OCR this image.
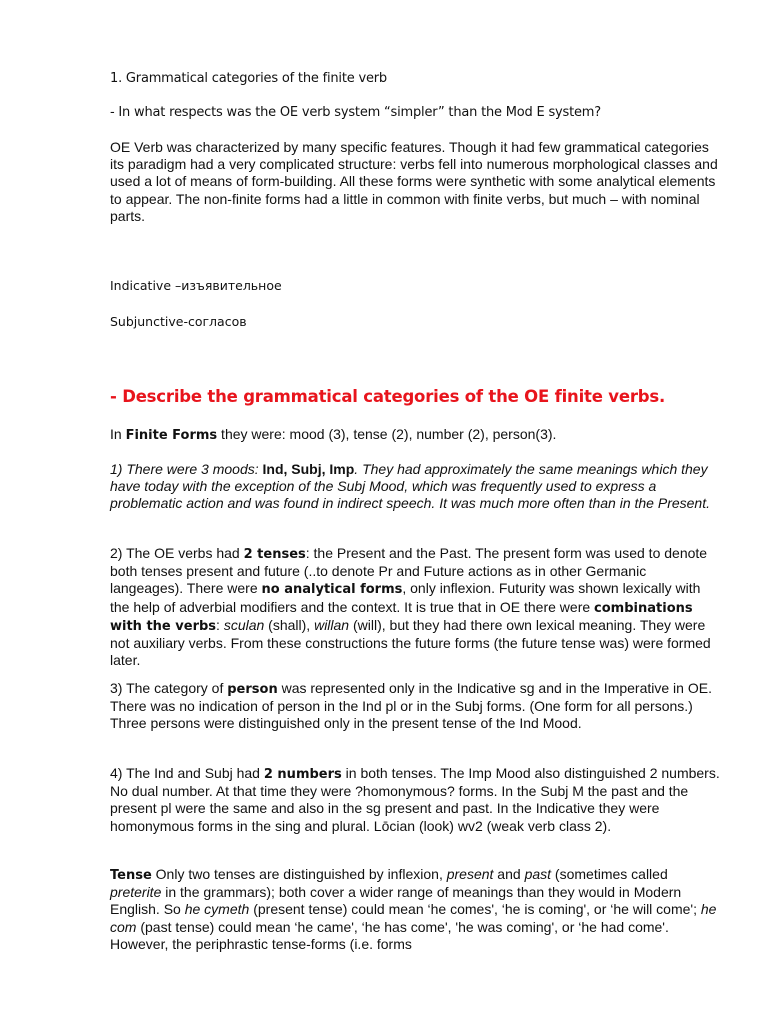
1. Grammatical categories of the finite verb

- In what respects was the OE verb system “simpler” than the Mod E system?

OE Verb was characterized by many specific features. Though it had few grammatical categories its paradigm had a very complicated structure: verbs fell into numerous morphological classes and used a lot of means of form-building. All these forms were synthetic with some analytical elements to appear. The non-finite forms had a little in common with finite verbs, but much – with nominal parts.

Indicative –изъявительное

Subjunctive-согласов

- Describe the grammatical categories of the OE finite verbs.

In Finite Forms they were: mood (3), tense (2), number (2), person(3).

1) There were 3 moods: Ind, Subj, Imp. They had approximately the same meanings which they have today with the exception of the Subj Mood, which was frequently used to express a problematic action and was found in indirect speech. It was much more often than in the Present.

2) The OE verbs had 2 tenses: the Present and the Past. The present form was used to denote both tenses present and future (..to denote Pr and Future actions as in other Germanic langeages). There were no analytical forms, only inflexion. Futurity was shown lexically with the help of adverbial modifiers and the context. It is true that in OE there were combinations with the verbs: sculan (shall), willan (will), but they had there own lexical meaning. They were not auxiliary verbs. From these constructions the future forms (the future tense was) were formed later.

3) The category of person was represented only in the Indicative sg and in the Imperative in OE. There was no indication of person in the Ind pl or in the Subj forms. (One form for all persons.) Three persons were distinguished only in the present tense of the Ind Mood.

4) The Ind and Subj had 2 numbers in both tenses. The Imp Mood also distinguished 2 numbers. No dual number. At that time they were ?homonymous? forms. In the Subj M the past and the present pl were the same and also in the sg present and past. In the Indicative they were homonymous forms in the sing and plural. Lōcian (look) wv2 (weak verb class 2).

Tense Only two tenses are distinguished by inflexion, present and past (sometimes called preterite in the grammars); both cover a wider range of meanings than they would in Modern English. So he cymeth (present tense) could mean ‘he comes', ‘he is coming', or ‘he will come'; he com (past tense) could mean ‘he came', ‘he has come', 'he was coming', or ‘he had come'. However, the periphrastic tense-forms (i.e. forms
